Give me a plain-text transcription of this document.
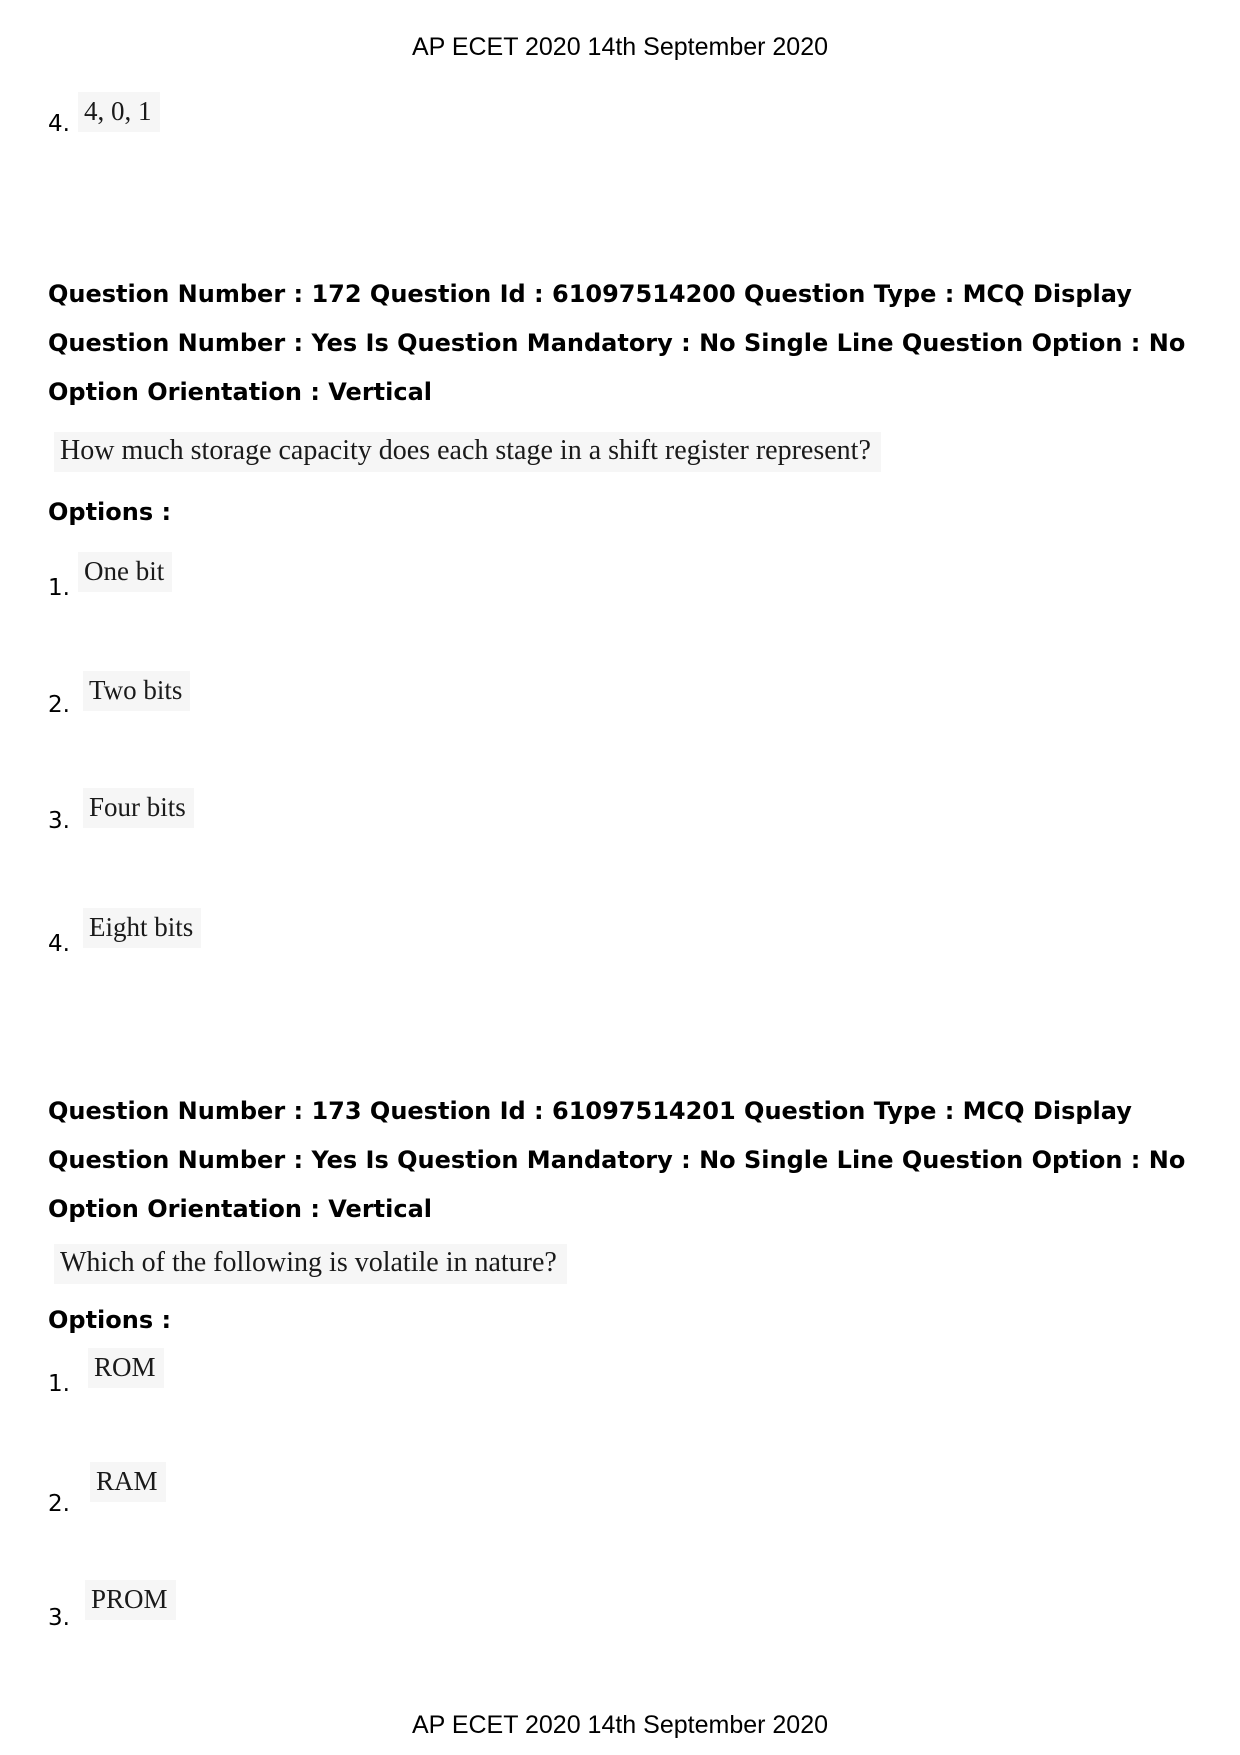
AP ECET 2020 14th September 2020
4. 4, 0, 1
Question Number : 172 Question Id : 61097514200 Question Type : MCQ Display Question Number : Yes Is Question Mandatory : No Single Line Question Option : No Option Orientation : Vertical
How much storage capacity does each stage in a shift register represent?
Options :
1.
One bit
2. Two bits
3. Four bits
4.
Eight bits
Question Number : 173 Question Id : 61097514201 Question Type : MCQ Display Question Number : Yes Is Question Mandatory : No Single Line Question Option : No Option Orientation : Vertical
Which of the following is volatile in nature?
Options :
1.
ROM
2.
RAM
3.
PROM
AP ECET 2020 14th September 2020
